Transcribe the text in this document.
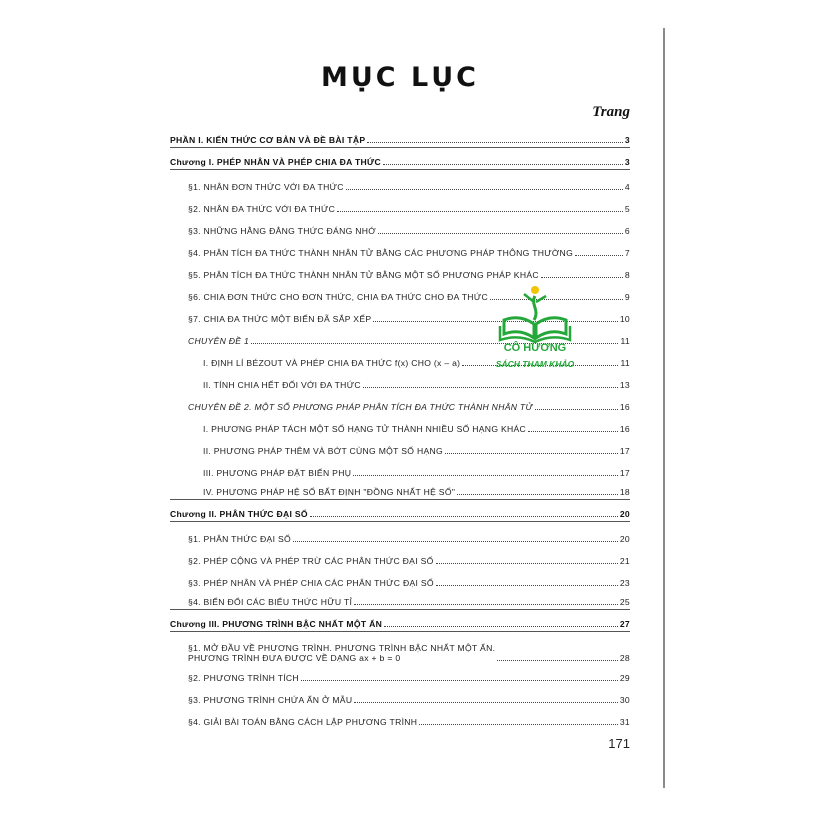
MỤC LỤC
Trang
PHẦN I. KIẾN THỨC CƠ BẢN VÀ ĐỀ BÀI TẬP	3
Chương I. PHÉP NHÂN VÀ PHÉP CHIA ĐA THỨC	3
§1. NHÂN ĐƠN THỨC VỚI ĐA THỨC	4
§2. NHÂN ĐA THỨC VỚI ĐA THỨC	5
§3. NHỮNG HẰNG ĐẲNG THỨC ĐÁNG NHỚ	6
§4. PHÂN TÍCH ĐA THỨC THÀNH NHÂN TỬ BẰNG CÁC PHƯƠNG PHÁP THÔNG THƯỜNG	7
§5. PHÂN TÍCH ĐA THỨC THÀNH NHÂN TỬ BẰNG MỘT SỐ PHƯƠNG PHÁP KHÁC	8
§6. CHIA ĐƠN THỨC CHO ĐƠN THỨC, CHIA ĐA THỨC CHO ĐA THỨC	9
§7. CHIA ĐA THỨC MỘT BIẾN ĐÃ SẮP XẾP	10
CHUYÊN ĐỀ 1	11
I. ĐỊNH LÍ BÉZOUT VÀ PHÉP CHIA ĐA THỨC f(x) CHO (x – a)	11
II. TÍNH CHIA HẾT ĐỐI VỚI ĐA THỨC	13
CHUYÊN ĐỀ 2. MỘT SỐ PHƯƠNG PHÁP PHÂN TÍCH ĐA THỨC THÀNH NHÂN TỬ	16
I. PHƯƠNG PHÁP TÁCH MỘT SỐ HẠNG TỬ THÀNH NHIỀU SỐ HẠNG KHÁC	16
II. PHƯƠNG PHÁP THÊM VÀ BỚT CÙNG MỘT SỐ HẠNG	17
III. PHƯƠNG PHÁP ĐẶT BIẾN PHỤ	17
IV. PHƯƠNG PHÁP HỆ SỐ BẤT ĐỊNH "ĐỒNG NHẤT HỆ SỐ"	18
Chương II. PHÂN THỨC ĐẠI SỐ	20
§1. PHÂN THỨC ĐẠI SỐ	20
§2. PHÉP CỘNG VÀ PHÉP TRỪ CÁC PHÂN THỨC ĐẠI SỐ	21
§3. PHÉP NHÂN VÀ PHÉP CHIA CÁC PHÂN THỨC ĐẠI SỐ	23
§4. BIẾN ĐỔI CÁC BIỂU THỨC HỮU TỈ	25
Chương III. PHƯƠNG TRÌNH BẬC NHẤT MỘT ẨN	27
§1. MỞ ĐẦU VỀ PHƯƠNG TRÌNH. PHƯƠNG TRÌNH BẬC NHẤT MỘT ẨN.
PHƯƠNG TRÌNH ĐƯA ĐƯỢC VỀ DẠNG ax + b = 0	28
§2. PHƯƠNG TRÌNH TÍCH	29
§3. PHƯƠNG TRÌNH CHỨA ẨN Ở MẪU	30
§4. GIẢI BÀI TOÁN BẰNG CÁCH LẬP PHƯƠNG TRÌNH	31
CÔ HƯƠNG
SÁCH THAM KHẢO
171
